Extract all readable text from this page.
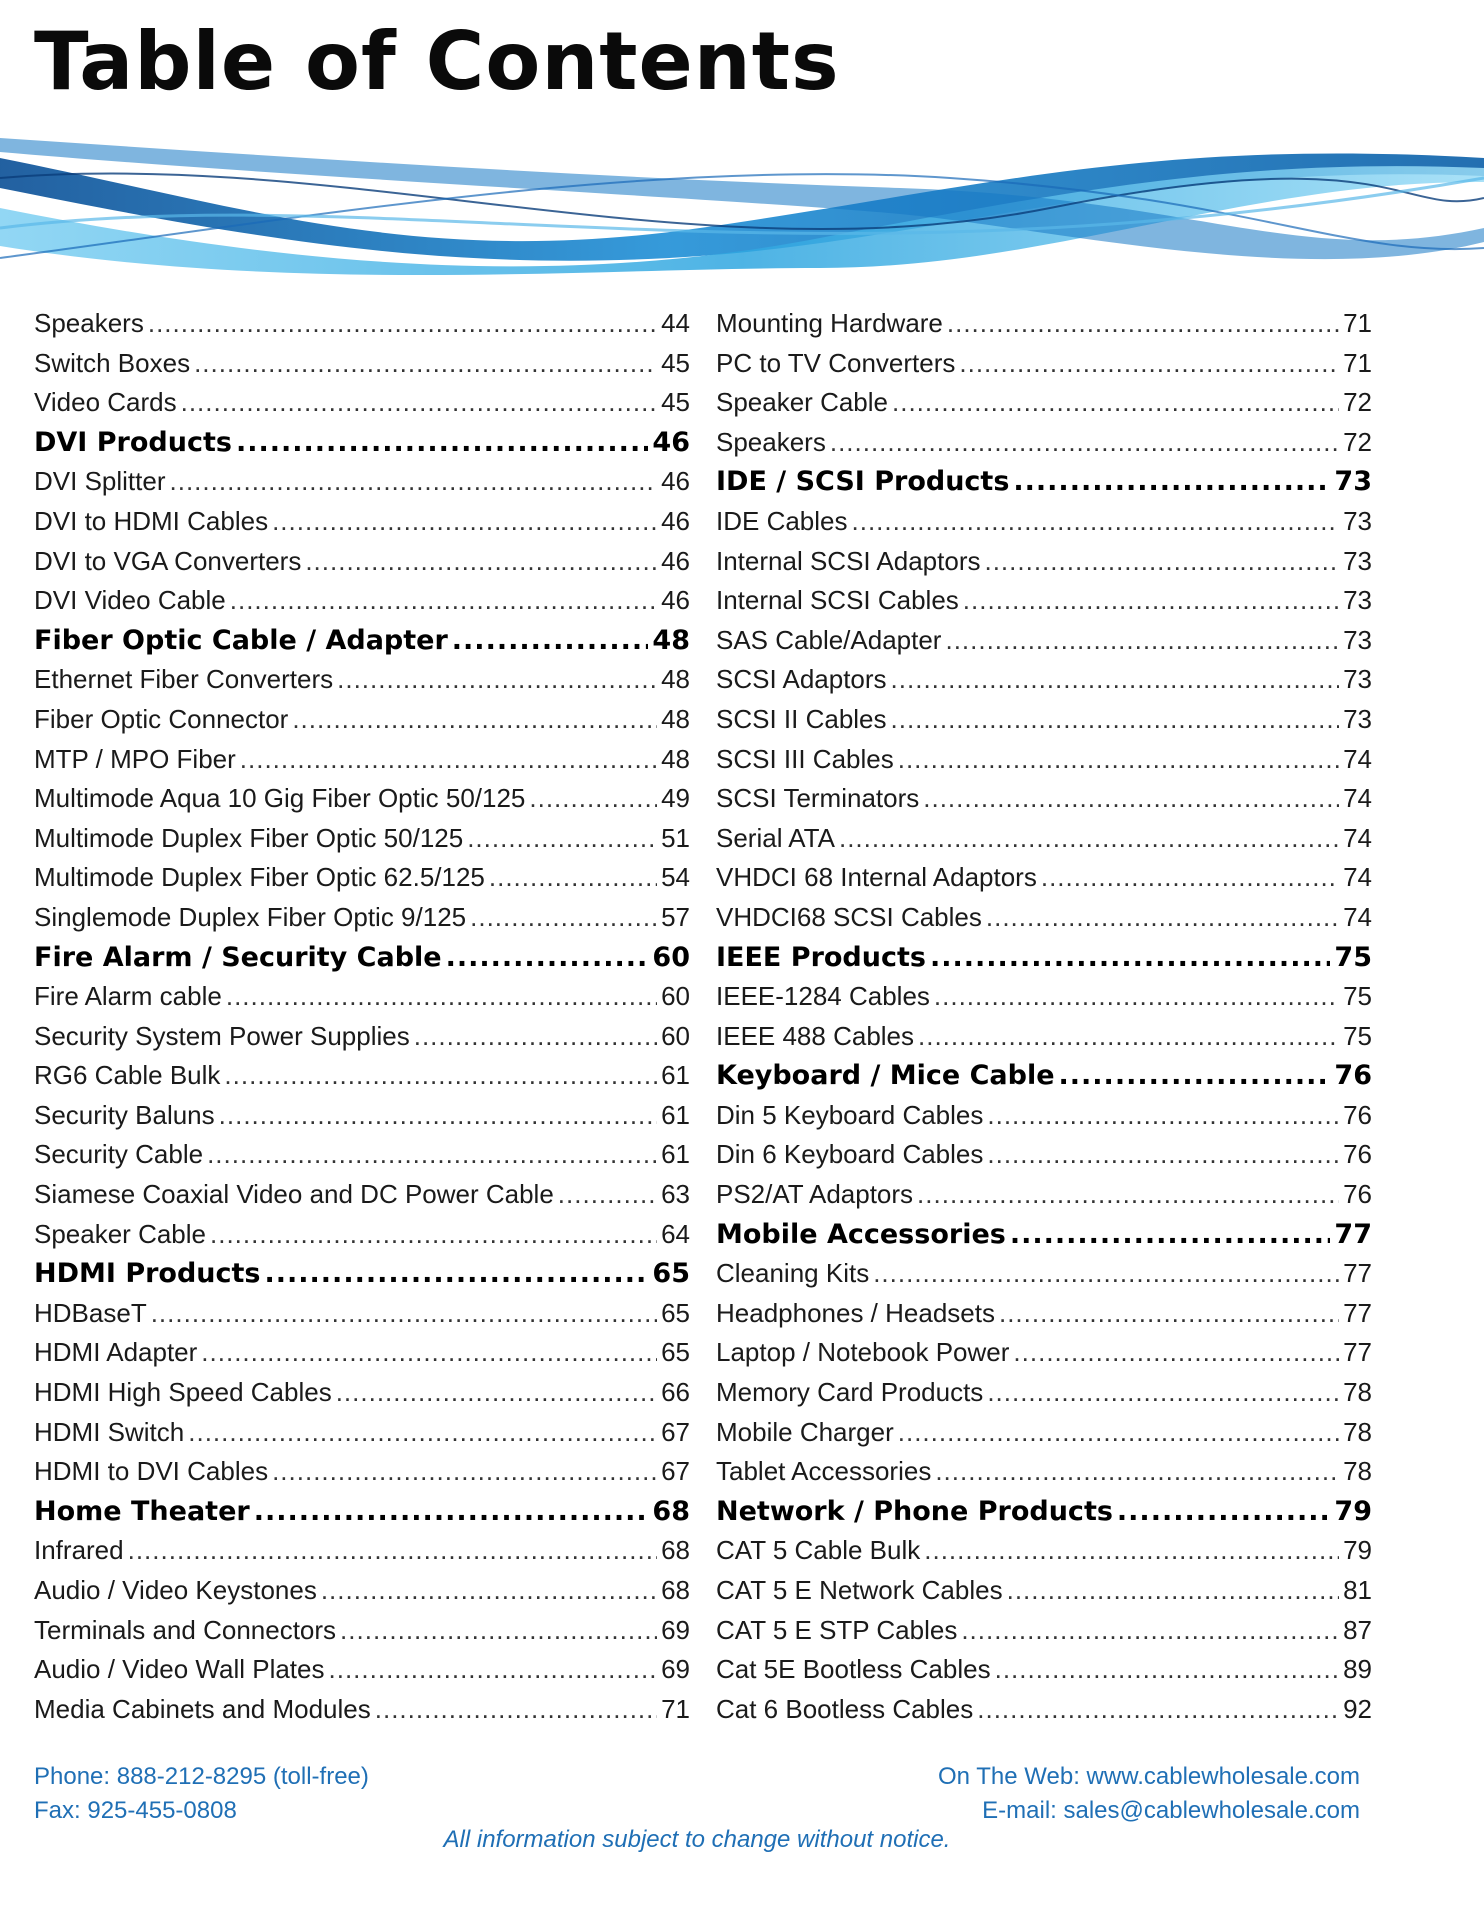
Table of Contents
Speakers .....	44
Switch Boxes .....	45
Video Cards .....	45
DVI Products .....	46
DVI Splitter .....	46
DVI to HDMI Cables .....	46
DVI to VGA Converters .....	46
DVI Video Cable .....	46
Fiber Optic Cable / Adapter .....	48
Ethernet Fiber Converters .....	48
Fiber Optic Connector .....	48
MTP / MPO Fiber .....	48
Multimode Aqua 10 Gig Fiber Optic 50/125 .....	49
Multimode Duplex Fiber Optic 50/125 .....	51
Multimode Duplex Fiber Optic 62.5/125 .....	54
Singlemode Duplex Fiber Optic 9/125 .....	57
Fire Alarm / Security Cable .....	60
Fire Alarm cable .....	60
Security System Power Supplies .....	60
RG6 Cable Bulk .....	61
Security Baluns .....	61
Security Cable .....	61
Siamese Coaxial Video and DC Power Cable .....	63
Speaker Cable .....	64
HDMI Products .....	65
HDBaseT .....	65
HDMI Adapter .....	65
HDMI High Speed Cables .....	66
HDMI Switch .....	67
HDMI to DVI Cables .....	67
Home Theater .....	68
Infrared .....	68
Audio / Video Keystones .....	68
Terminals and Connectors .....	69
Audio / Video Wall Plates .....	69
Media Cabinets and Modules .....	71
Mounting Hardware .....	71
PC to TV Converters .....	71
Speaker Cable .....	72
Speakers .....	72
IDE / SCSI Products .....	73
IDE Cables .....	73
Internal SCSI Adaptors .....	73
Internal SCSI Cables .....	73
SAS Cable/Adapter .....	73
SCSI Adaptors .....	73
SCSI II Cables .....	73
SCSI III Cables .....	74
SCSI Terminators .....	74
Serial ATA .....	74
VHDCI 68 Internal Adaptors .....	74
VHDCI68 SCSI Cables .....	74
IEEE Products .....	75
IEEE-1284 Cables .....	75
IEEE 488 Cables .....	75
Keyboard / Mice Cable .....	76
Din 5 Keyboard Cables .....	76
Din 6 Keyboard Cables .....	76
PS2/AT Adaptors .....	76
Mobile Accessories .....	77
Cleaning Kits .....	77
Headphones / Headsets .....	77
Laptop / Notebook Power .....	77
Memory Card Products .....	78
Mobile Charger .....	78
Tablet Accessories .....	78
Network / Phone Products .....	79
CAT 5 Cable Bulk .....	79
CAT 5 E Network Cables .....	81
CAT 5 E STP Cables .....	87
Cat 5E Bootless Cables .....	89
Cat 6 Bootless Cables .....	92
Phone: 888-212-8295 (toll-free)
Fax: 925-455-0808
On The Web: www.cablewholesale.com
E-mail: sales@cablewholesale.com
All information subject to change without notice.
